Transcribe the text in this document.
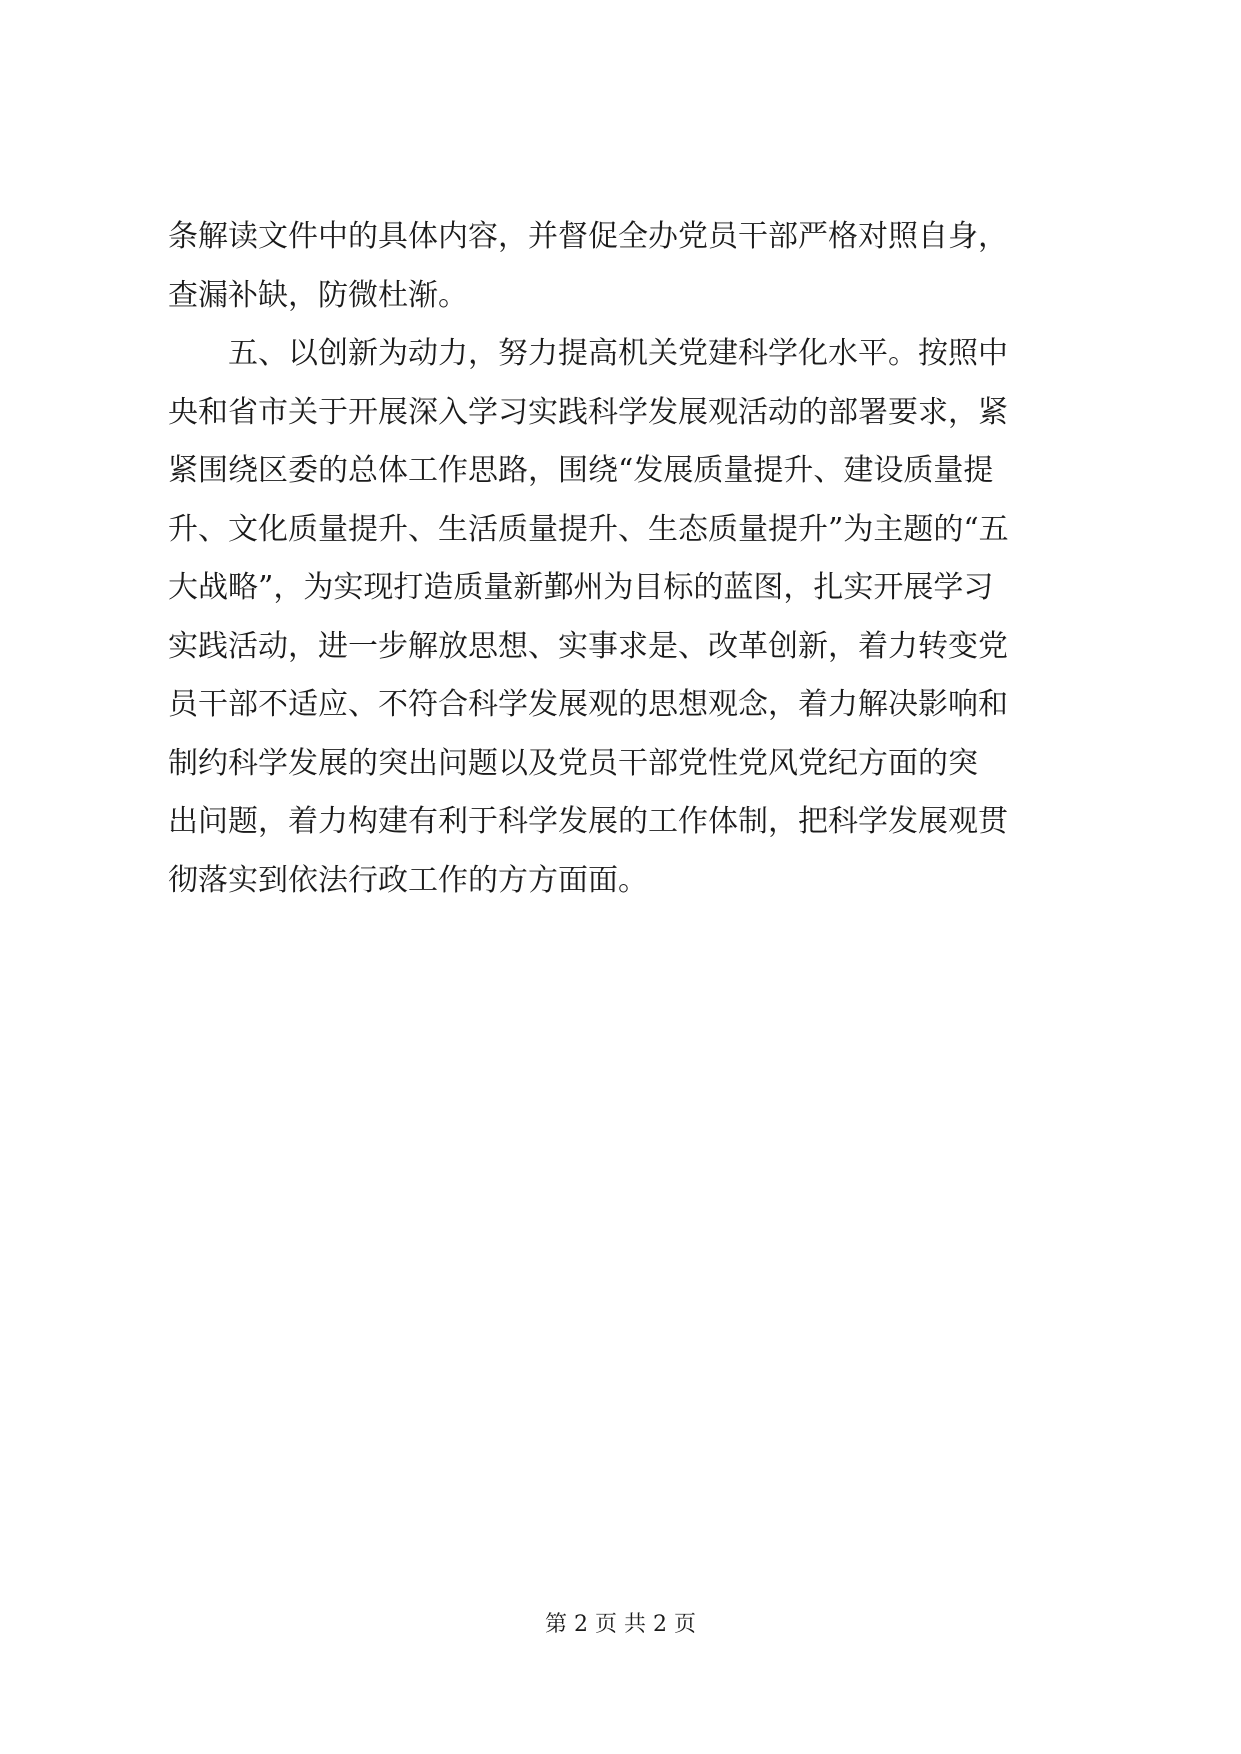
条解读文件中的具体内容，并督促全办党员干部严格对照自身，
查漏补缺，防微杜渐。
　　五、以创新为动力，努力提高机关党建科学化水平。按照中
央和省市关于开展深入学习实践科学发展观活动的部署要求，紧
紧围绕区委的总体工作思路，围绕“发展质量提升、建设质量提
升、文化质量提升、生活质量提升、生态质量提升”为主题的“五
大战略”，为实现打造质量新鄞州为目标的蓝图，扎实开展学习
实践活动，进一步解放思想、实事求是、改革创新，着力转变党
员干部不适应、不符合科学发展观的思想观念，着力解决影响和
制约科学发展的突出问题以及党员干部党性党风党纪方面的突
出问题，着力构建有利于科学发展的工作体制，把科学发展观贯
彻落实到依法行政工作的方方面面。
第 2 页 共 2 页
